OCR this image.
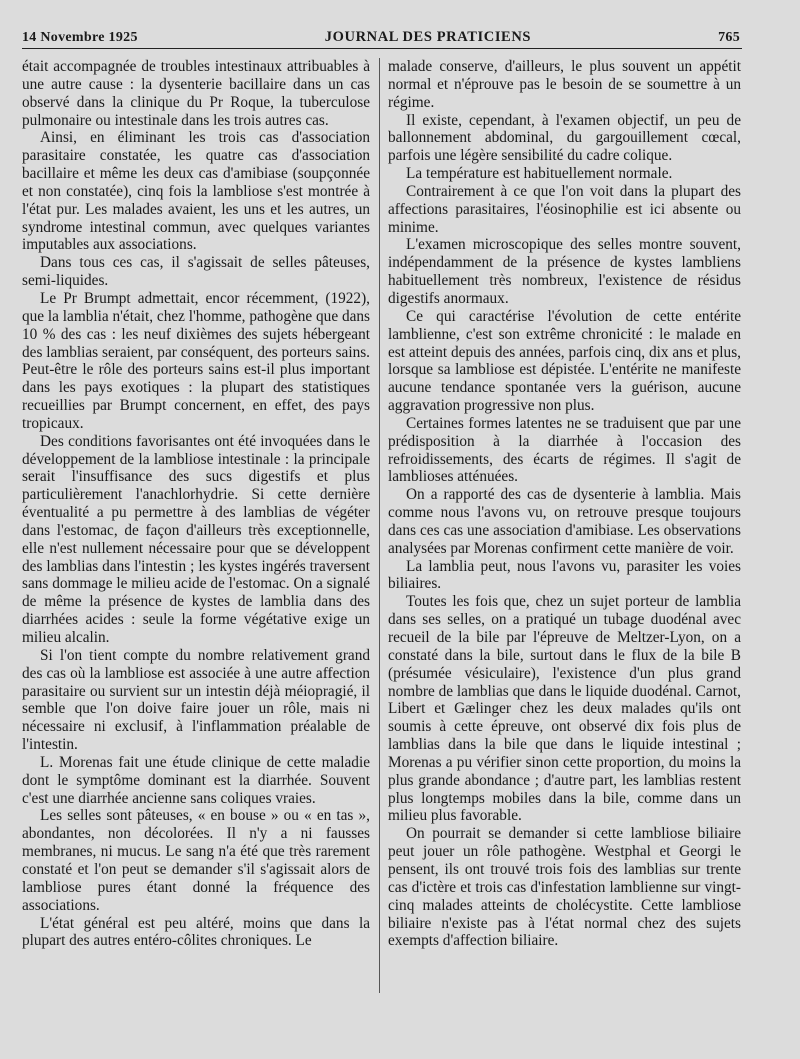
14 Novembre 1925	JOURNAL DES PRATICIENS	765

était accompagnée de troubles intestinaux attribuables à une autre cause : la dysenterie bacillaire dans un cas observé dans la clinique du Pr Roque, la tuberculose pulmonaire ou intestinale dans les trois autres cas.

Ainsi, en éliminant les trois cas d'association parasitaire constatée, les quatre cas d'association bacillaire et même les deux cas d'amibiase (soupçonnée et non constatée), cinq fois la lambliose s'est montrée à l'état pur. Les malades avaient, les uns et les autres, un syndrome intestinal commun, avec quelques variantes imputables aux associations.

Dans tous ces cas, il s'agissait de selles pâteuses, semi-liquides.

Le Pr Brumpt admettait, encor récemment, (1922), que la lamblia n'était, chez l'homme, pathogène que dans 10 % des cas : les neuf dixièmes des sujets hébergeant des lamblias seraient, par conséquent, des porteurs sains. Peut-être le rôle des porteurs sains est-il plus important dans les pays exotiques : la plupart des statistiques recueillies par Brumpt concernent, en effet, des pays tropicaux.

Des conditions favorisantes ont été invoquées dans le développement de la lambliose intestinale : la principale serait l'insuffisance des sucs digestifs et plus particulièrement l'anachlorhydrie. Si cette dernière éventualité a pu permettre à des lamblias de végéter dans l'estomac, de façon d'ailleurs très exceptionnelle, elle n'est nullement nécessaire pour que se développent des lamblias dans l'intestin ; les kystes ingérés traversent sans dommage le milieu acide de l'estomac. On a signalé de même la présence de kystes de lamblia dans des diarrhées acides : seule la forme végétative exige un milieu alcalin.

Si l'on tient compte du nombre relativement grand des cas où la lambliose est associée à une autre affection parasitaire ou survient sur un intestin déjà méiopragié, il semble que l'on doive faire jouer un rôle, mais ni nécessaire ni exclusif, à l'inflammation préalable de l'intestin.

L. Morenas fait une étude clinique de cette maladie dont le symptôme dominant est la diarrhée. Souvent c'est une diarrhée ancienne sans coliques vraies.

Les selles sont pâteuses, « en bouse » ou « en tas », abondantes, non décolorées. Il n'y a ni fausses membranes, ni mucus. Le sang n'a été que très rarement constaté et l'on peut se demander s'il s'agissait alors de lambliose pures étant donné la fréquence des associations.

L'état général est peu altéré, moins que dans la plupart des autres entéro-côlites chroniques. Le

malade conserve, d'ailleurs, le plus souvent un appétit normal et n'éprouve pas le besoin de se soumettre à un régime.

Il existe, cependant, à l'examen objectif, un peu de ballonnement abdominal, du gargouillement cœcal, parfois une légère sensibilité du cadre colique.

La température est habituellement normale.

Contrairement à ce que l'on voit dans la plupart des affections parasitaires, l'éosinophilie est ici absente ou minime.

L'examen microscopique des selles montre souvent, indépendamment de la présence de kystes lambliens habituellement très nombreux, l'existence de résidus digestifs anormaux.

Ce qui caractérise l'évolution de cette entérite lamblienne, c'est son extrême chronicité : le malade en est atteint depuis des années, parfois cinq, dix ans et plus, lorsque sa lambliose est dépistée. L'entérite ne manifeste aucune tendance spontanée vers la guérison, aucune aggravation progressive non plus.

Certaines formes latentes ne se traduisent que par une prédisposition à la diarrhée à l'occasion des refroidissements, des écarts de régimes. Il s'agit de lamblioses atténuées.

On a rapporté des cas de dysenterie à lamblia. Mais comme nous l'avons vu, on retrouve presque toujours dans ces cas une association d'amibiase. Les observations analysées par Morenas confirment cette manière de voir.

La lamblia peut, nous l'avons vu, parasiter les voies biliaires.

Toutes les fois que, chez un sujet porteur de lamblia dans ses selles, on a pratiqué un tubage duodénal avec recueil de la bile par l'épreuve de Meltzer-Lyon, on a constaté dans la bile, surtout dans le flux de la bile B (présumée vésiculaire), l'existence d'un plus grand nombre de lamblias que dans le liquide duodénal. Carnot, Libert et Gælinger chez les deux malades qu'ils ont soumis à cette épreuve, ont observé dix fois plus de lamblias dans la bile que dans le liquide intestinal ; Morenas a pu vérifier sinon cette proportion, du moins la plus grande abondance ; d'autre part, les lamblias restent plus longtemps mobiles dans la bile, comme dans un milieu plus favorable.

On pourrait se demander si cette lambliose biliaire peut jouer un rôle pathogène. Westphal et Georgi le pensent, ils ont trouvé trois fois des lamblias sur trente cas d'ictère et trois cas d'infestation lamblienne sur vingt-cinq malades atteints de cholécystite. Cette lambliose biliaire n'existe pas à l'état normal chez des sujets exempts d'affection biliaire.
